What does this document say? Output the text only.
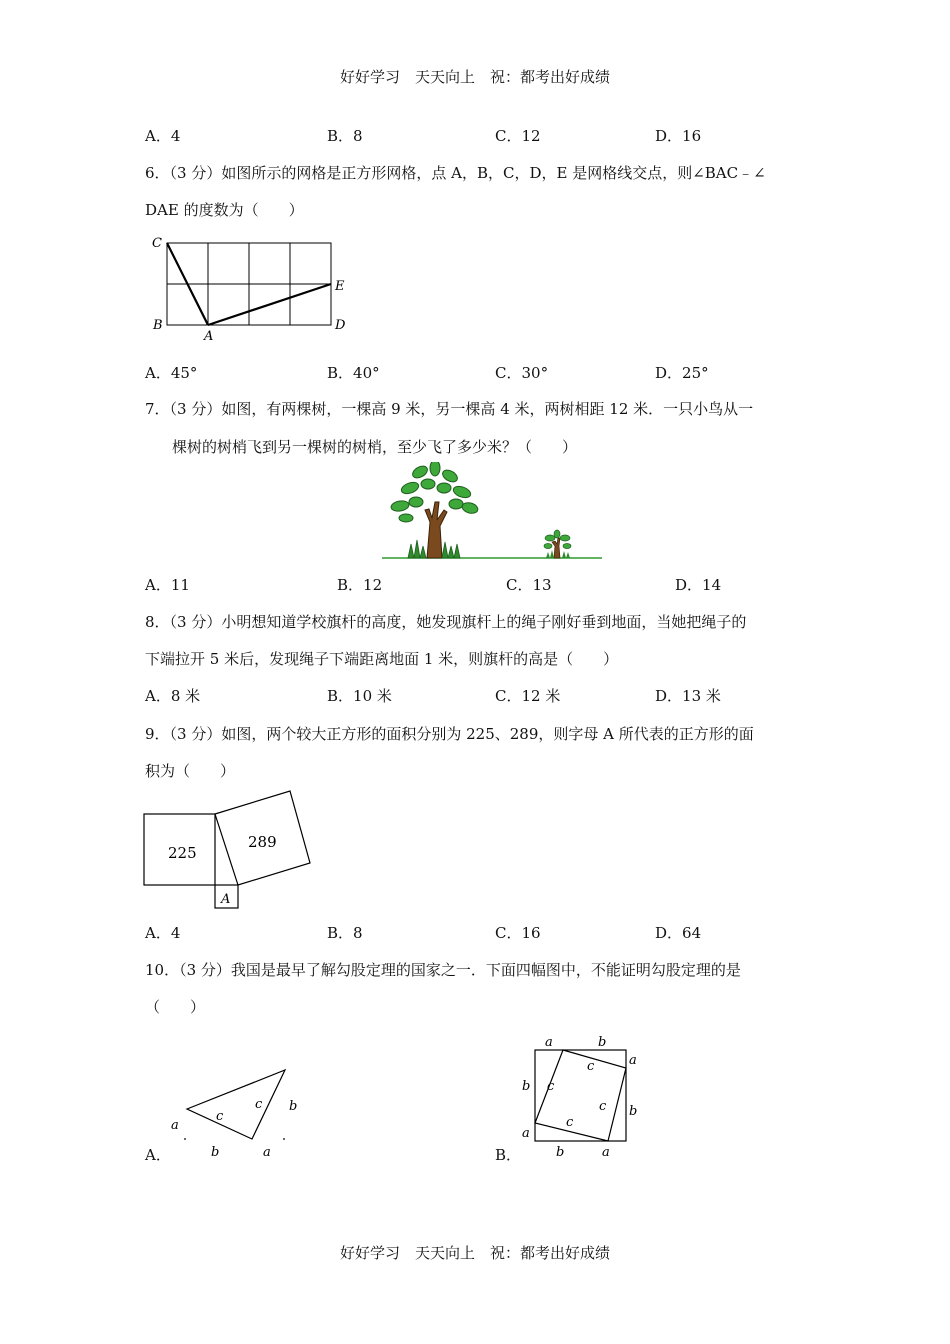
好好学习　天天向上　祝：都考出好成绩
A．4	B．8	C．12	D．16
6．（3 分）如图所示的网格是正方形网格，点 A，B，C，D，E 是网格线交点，则∠BAC﹣∠
DAE 的度数为（　　）
C
B
A
E
D
A．45°	B．40°	C．30°	D．25°
7．（3 分）如图，有两棵树，一棵高 9 米，另一棵高 4 米，两树相距 12 米．一只小鸟从一
棵树的树梢飞到另一棵树的树梢，至少飞了多少米？（　　）
A．11	B．12	C．13	D．14
8．（3 分）小明想知道学校旗杆的高度，她发现旗杆上的绳子刚好垂到地面，当她把绳子的
下端拉开 5 米后，发现绳子下端距离地面 1 米，则旗杆的高是（　　）
A．8 米	B．10 米	C．12 米	D．13 米
9．（3 分）如图，两个较大正方形的面积分别为 225、289，则字母 A 所代表的正方形的面
积为（　　）
225
289
A
A．4	B．8	C．16	D．64
10．（3 分）我国是最早了解勾股定理的国家之一．下面四幅图中，不能证明勾股定理的是
（　　）
A．
a
b	a
c
c b
B．
a	b
a
b
b
a
b	a
c
c
c
c
好好学习　天天向上　祝：都考出好成绩
